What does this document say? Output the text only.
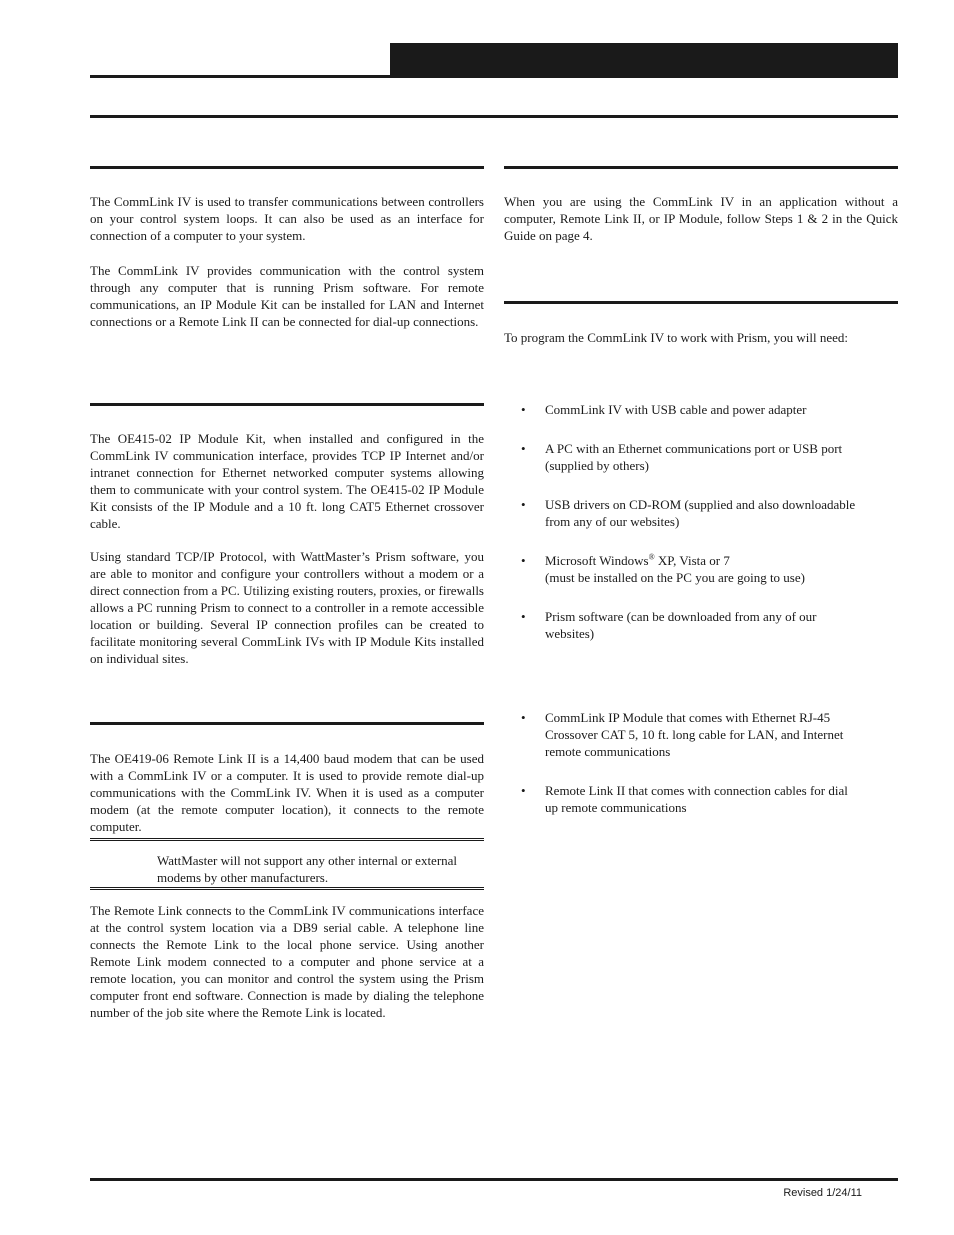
The CommLink IV is used to transfer communications between controllers on your control system loops. It can also be used as an interface for connection of a computer to your system.

The CommLink IV provides communication with the control system through any computer that is running Prism software. For remote communications, an IP Module Kit can be installed for LAN and Internet connections or a Remote Link II can be connected for dial-up connections.

The OE415-02 IP Module Kit, when installed and configured in the CommLink IV communication interface, provides TCP IP Internet and/or intranet connection for Ethernet networked computer systems allowing them to communicate with your control system. The OE415-02 IP Module Kit consists of the IP Module and a 10 ft. long CAT5 Ethernet crossover cable.

Using standard TCP/IP Protocol, with WattMaster’s Prism software, you are able to monitor and configure your controllers without a modem or a direct connection from a PC. Utilizing existing routers, proxies, or firewalls allows a PC running Prism to connect to a controller in a remote accessible location or building. Several IP connection profiles can be created to facilitate monitoring several CommLink IVs with IP Module Kits installed on individual sites.

The OE419-06 Remote Link II is a 14,400 baud modem that can be used with a CommLink IV or a computer. It is used to provide remote dial-up communications with the CommLink IV. When it is used as a computer modem (at the remote computer location), it connects to the remote computer.

WattMaster will not support any other internal or external modems by other manufacturers.

The Remote Link connects to the CommLink IV communications interface at the control system location via a DB9 serial cable. A telephone line connects the Remote Link to the local phone service. Using another Remote Link modem connected to a computer and phone service at a remote location, you can monitor and control the system using the Prism computer front end software. Connection is made by dialing the telephone number of the job site where the Remote Link is located.

When you are using the CommLink IV in an application without a computer, Remote Link II, or IP Module, follow Steps 1 & 2 in the Quick Guide on page 4.

To program the CommLink IV to work with Prism, you will need:

•	CommLink IV with USB cable and power adapter
•	A PC with an Ethernet communications port or USB port (supplied by others)
•	USB drivers on CD-ROM (supplied and also downloadable from any of our websites)
•	Microsoft Windows® XP, Vista or 7
(must be installed on the PC you are going to use)
•	Prism software (can be downloaded from any of our websites)
•	CommLink IP Module that comes with Ethernet RJ-45 Crossover CAT 5, 10 ft. long cable for LAN, and Internet remote communications
•	Remote Link II that comes with connection cables for dial up remote communications
Revised 1/24/11
